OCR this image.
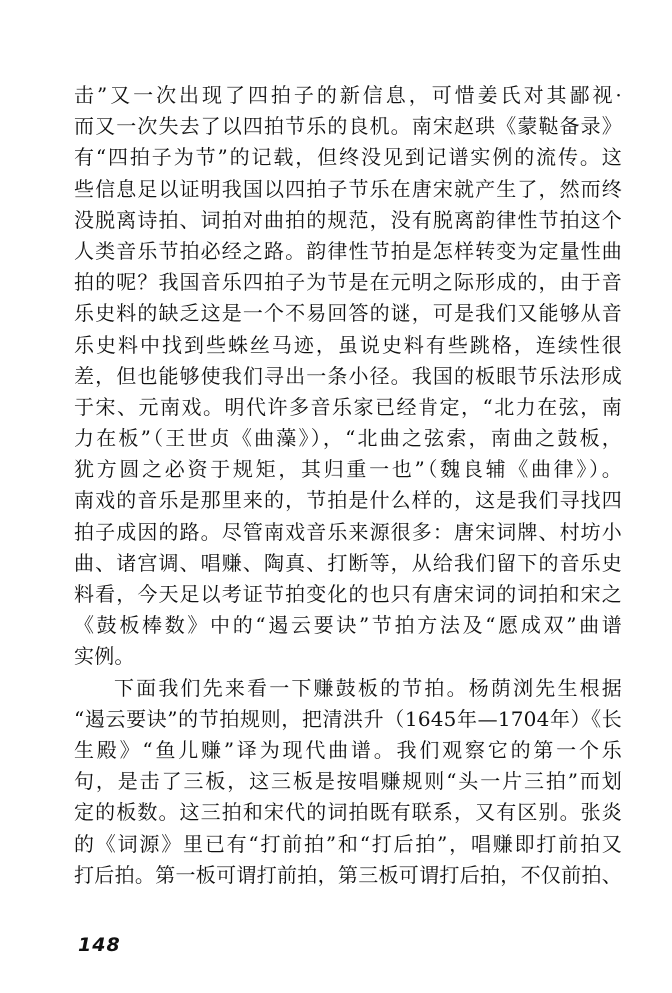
击”又一次出现了四拍子的新信息，可惜姜氏对其鄙视·
而又一次失去了以四拍节乐的良机。南宋赵珙《蒙鞑备录》
有“四拍子为节”的记载，但终没见到记谱实例的流传。这
些信息足以证明我国以四拍子节乐在唐宋就产生了，然而终
没脱离诗拍、词拍对曲拍的规范，没有脱离韵律性节拍这个
人类音乐节拍必经之路。韵律性节拍是怎样转变为定量性曲
拍的呢？我国音乐四拍子为节是在元明之际形成的，由于音
乐史料的缺乏这是一个不易回答的谜，可是我们又能够从音
乐史料中找到些蛛丝马迹，虽说史料有些跳格，连续性很
差，但也能够使我们寻出一条小径。我国的板眼节乐法形成
于宋、元南戏。明代许多音乐家已经肯定，“北力在弦，南
力在板”（王世贞《曲藻》），“北曲之弦索，南曲之鼓板，
犹方圆之必资于规矩，其归重一也”（魏良辅《曲律》）。
南戏的音乐是那里来的，节拍是什么样的，这是我们寻找四
拍子成因的路。尽管南戏音乐来源很多：唐宋词牌、村坊小
曲、诸宫调、唱赚、陶真、打断等，从给我们留下的音乐史
料看，今天足以考证节拍变化的也只有唐宋词的词拍和宋之
《鼓板棒数》中的“遏云要诀”节拍方法及“愿成双”曲谱
实例。
下面我们先来看一下赚鼓板的节拍。杨荫浏先生根据
“遏云要诀”的节拍规则，把清洪升（1645年—1704年）《长
生殿》“鱼儿赚”译为现代曲谱。我们观察它的第一个乐
句，是击了三板，这三板是按唱赚规则“头一片三拍”而划
定的板数。这三拍和宋代的词拍既有联系，又有区别。张炎
的《词源》里已有“打前拍”和“打后拍”，唱赚即打前拍又
打后拍。第一板可谓打前拍，第三板可谓打后拍，不仅前拍、
148
